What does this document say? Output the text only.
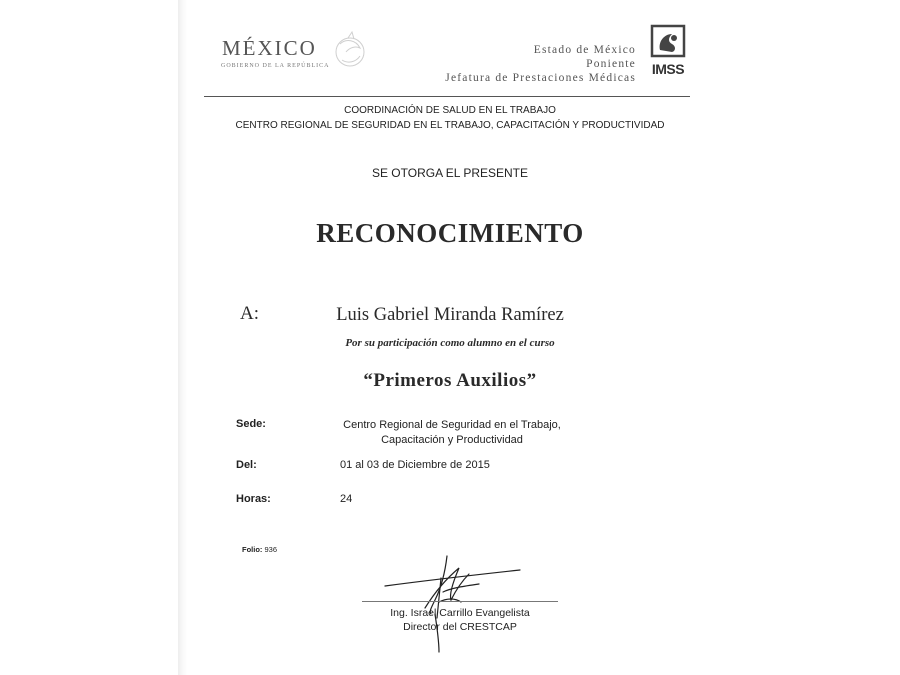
MÉXICO
GOBIERNO DE LA REPÚBLICA
Estado de México
Poniente
Jefatura de Prestaciones Médicas
IMSS
COORDINACIÓN DE SALUD EN EL TRABAJO
CENTRO REGIONAL DE SEGURIDAD EN EL TRABAJO, CAPACITACIÓN Y PRODUCTIVIDAD
SE OTORGA EL PRESENTE
RECONOCIMIENTO
A:	Luis Gabriel Miranda Ramírez
Por su participación como alumno en el curso
“Primeros Auxilios”
Sede:	Centro Regional de Seguridad en el Trabajo,
Capacitación y Productividad
Del:	01 al 03 de Diciembre de 2015
Horas:	24
Folio: 936
Ing. Israel Carrillo Evangelista
Director del CRESTCAP
